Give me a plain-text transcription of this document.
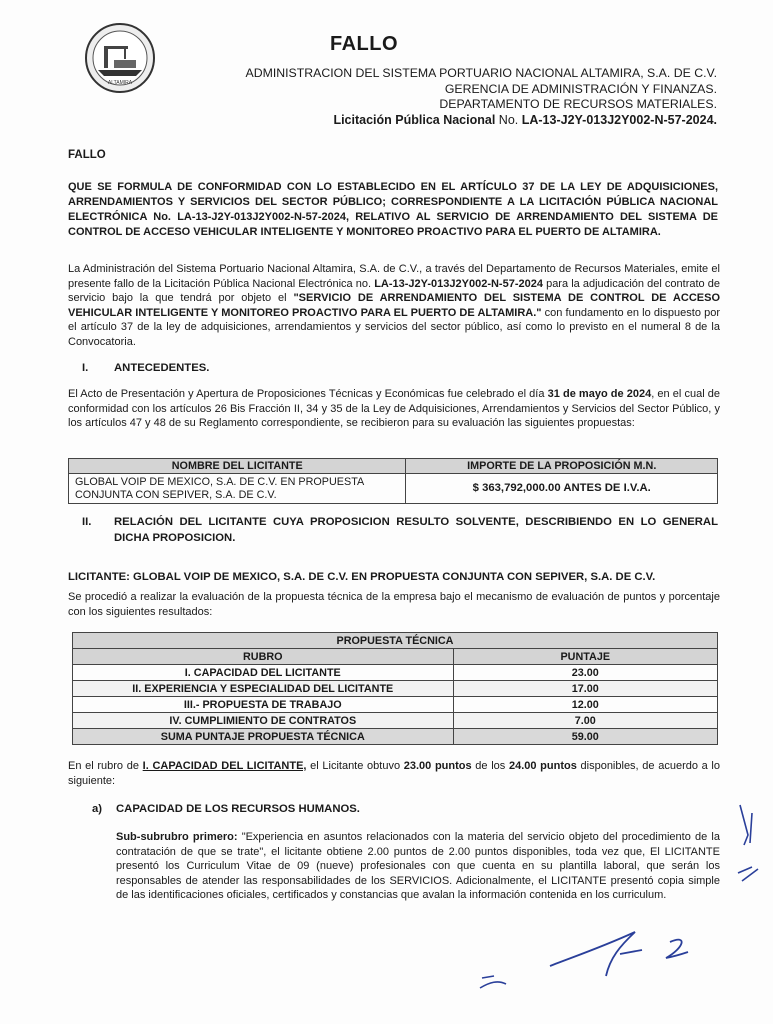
ALTAMIRA
FALLO
ADMINISTRACION DEL SISTEMA PORTUARIO NACIONAL ALTAMIRA, S.A. DE C.V.
GERENCIA DE ADMINISTRACIÓN Y FINANZAS.
DEPARTAMENTO DE RECURSOS MATERIALES.
Licitación Pública Nacional No. LA-13-J2Y-013J2Y002-N-57-2024.
FALLO
QUE SE FORMULA DE CONFORMIDAD CON LO ESTABLECIDO EN EL ARTÍCULO 37 DE LA LEY DE ADQUISICIONES, ARRENDAMIENTOS Y SERVICIOS DEL SECTOR PÚBLICO; CORRESPONDIENTE A LA LICITACIÓN PÚBLICA NACIONAL ELECTRÓNICA No. LA-13-J2Y-013J2Y002-N-57-2024, RELATIVO AL SERVICIO DE ARRENDAMIENTO DEL SISTEMA DE CONTROL DE ACCESO VEHICULAR INTELIGENTE Y MONITOREO PROACTIVO PARA EL PUERTO DE ALTAMIRA.
La Administración del Sistema Portuario Nacional Altamira, S.A. de C.V., a través del Departamento de Recursos Materiales, emite el presente fallo de la Licitación Pública Nacional Electrónica no. LA-13-J2Y-013J2Y002-N-57-2024 para la adjudicación del contrato de servicio bajo la que tendrá por objeto el "SERVICIO DE ARRENDAMIENTO DEL SISTEMA DE CONTROL DE ACCESO VEHICULAR INTELIGENTE Y MONITOREO PROACTIVO PARA EL PUERTO DE ALTAMIRA." con fundamento en lo dispuesto por el artículo 37 de la ley de adquisiciones, arrendamientos y servicios del sector público, así como lo previsto en el numeral 8 de la Convocatoria.
I. ANTECEDENTES.
El Acto de Presentación y Apertura de Proposiciones Técnicas y Económicas fue celebrado el día 31 de mayo de 2024, en el cual de conformidad con los artículos 26 Bis Fracción II, 34 y 35 de la Ley de Adquisiciones, Arrendamientos y Servicios del Sector Público, y los artículos 47 y 48 de su Reglamento correspondiente, se recibieron para su evaluación las siguientes propuestas:
NOMBRE DEL LICITANTE	IMPORTE DE LA PROPOSICIÓN M.N.
GLOBAL VOIP DE MEXICO, S.A. DE C.V. EN PROPUESTA CONJUNTA CON SEPIVER, S.A. DE C.V.	$ 363,792,000.00 ANTES DE I.V.A.
II. RELACIÓN DEL LICITANTE CUYA PROPOSICION RESULTO SOLVENTE, DESCRIBIENDO EN LO GENERAL DICHA PROPOSICION.
LICITANTE: GLOBAL VOIP DE MEXICO, S.A. DE C.V. EN PROPUESTA CONJUNTA CON SEPIVER, S.A. DE C.V.
Se procedió a realizar la evaluación de la propuesta técnica de la empresa bajo el mecanismo de evaluación de puntos y porcentaje con los siguientes resultados:
PROPUESTA TÉCNICA	
RUBRO	PUNTAJE
I. CAPACIDAD DEL LICITANTE	23.00
II. EXPERIENCIA Y ESPECIALIDAD DEL LICITANTE	17.00
III.- PROPUESTA DE TRABAJO	12.00
IV. CUMPLIMIENTO DE CONTRATOS	7.00
SUMA PUNTAJE PROPUESTA TÉCNICA	59.00
En el rubro de I. CAPACIDAD DEL LICITANTE, el Licitante obtuvo 23.00 puntos de los 24.00 puntos disponibles, de acuerdo a lo siguiente:
a) CAPACIDAD DE LOS RECURSOS HUMANOS.
Sub-subrubro primero: "Experiencia en asuntos relacionados con la materia del servicio objeto del procedimiento de la contratación de que se trate", el licitante obtiene 2.00 puntos de 2.00 puntos disponibles, toda vez que, El LICITANTE presentó los Curriculum Vitae de 09 (nueve) profesionales con que cuenta en su plantilla laboral, que serán los responsables de atender las responsabilidades de los SERVICIOS. Adicionalmente, el LICITANTE presentó copia simple de las identificaciones oficiales, certificados y constancias que avalan la información contenida en los curriculum.
